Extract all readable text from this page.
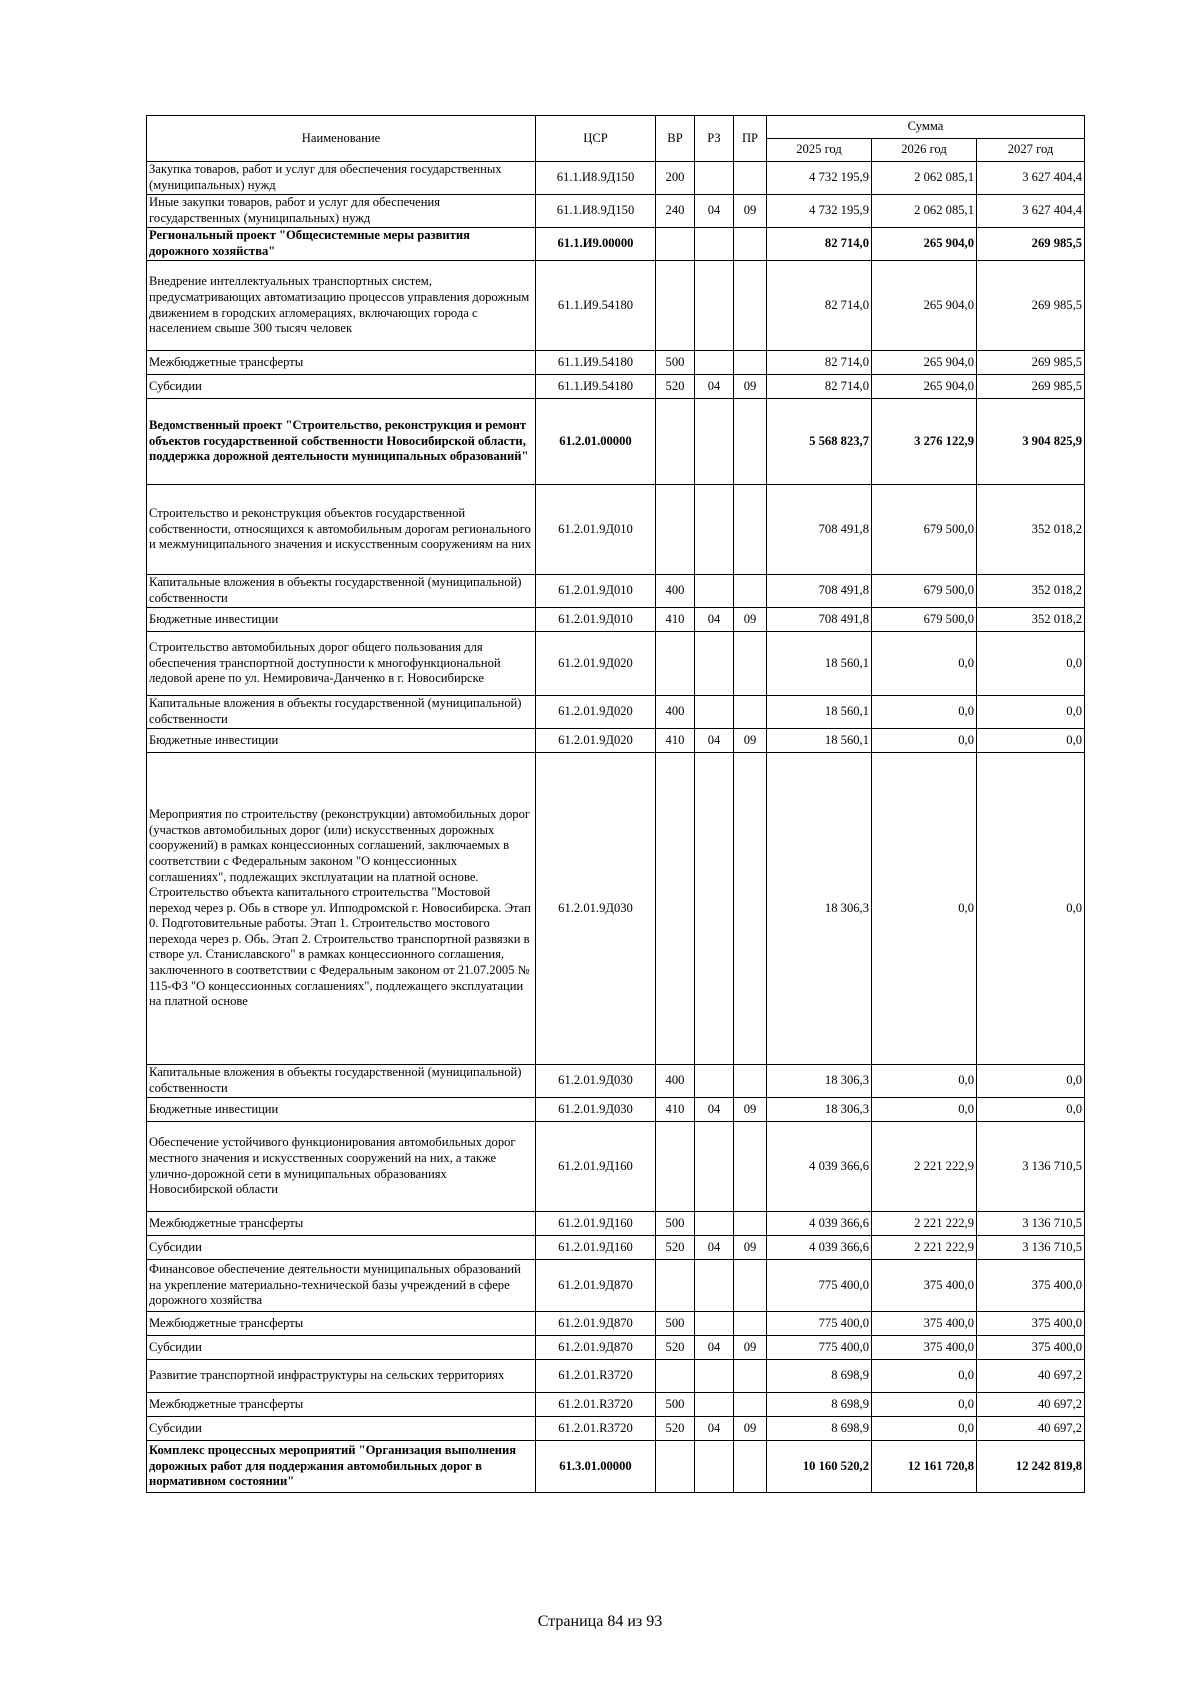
Наименование	ЦСР	ВР	РЗ	ПР	Сумма		
					2025 год	2026 год	2027 год
Закупка товаров, работ и услуг для обеспечения государственных (муниципальных) нужд	61.1.И8.9Д150	200			4 732 195,9	2 062 085,1	3 627 404,4
Иные закупки товаров, работ и услуг для обеспечения государственных (муниципальных) нужд	61.1.И8.9Д150	240	04	09	4 732 195,9	2 062 085,1	3 627 404,4
Региональный проект "Общесистемные меры развития дорожного хозяйства"	61.1.И9.00000				82 714,0	265 904,0	269 985,5
Внедрение интеллектуальных транспортных систем, предусматривающих автоматизацию процессов управления дорожным движением в городских агломерациях, включающих города с населением свыше 300 тысяч человек	61.1.И9.54180				82 714,0	265 904,0	269 985,5
Межбюджетные трансферты	61.1.И9.54180	500			82 714,0	265 904,0	269 985,5
Субсидии	61.1.И9.54180	520	04	09	82 714,0	265 904,0	269 985,5
Ведомственный проект "Строительство, реконструкция и ремонт объектов государственной собственности Новосибирской области, поддержка дорожной деятельности муниципальных образований"	61.2.01.00000				5 568 823,7	3 276 122,9	3 904 825,9
Строительство и реконструкция объектов государственной собственности, относящихся к автомобильным дорогам регионального и межмуниципального значения и искусственным сооружениям на них	61.2.01.9Д010				708 491,8	679 500,0	352 018,2
Капитальные вложения в объекты государственной (муниципальной) собственности	61.2.01.9Д010	400			708 491,8	679 500,0	352 018,2
Бюджетные инвестиции	61.2.01.9Д010	410	04	09	708 491,8	679 500,0	352 018,2
Строительство автомобильных дорог общего пользования для обеспечения транспортной доступности к многофункциональной ледовой арене по ул. Немировича-Данченко в г. Новосибирске	61.2.01.9Д020				18 560,1	0,0	0,0
Капитальные вложения в объекты государственной (муниципальной) собственности	61.2.01.9Д020	400			18 560,1	0,0	0,0
Бюджетные инвестиции	61.2.01.9Д020	410	04	09	18 560,1	0,0	0,0
Мероприятия по строительству (реконструкции) автомобильных дорог (участков автомобильных дорог (или) искусственных дорожных сооружений) в рамках концессионных соглашений, заключаемых в соответствии с Федеральным законом "О концессионных соглашениях", подлежащих эксплуатации на платной основе. Строительство объекта капитального строительства "Мостовой переход через р. Обь в створе ул. Ипподромской г. Новосибирска. Этап 0. Подготовительные работы. Этап 1. Строительство мостового перехода через р. Обь. Этап 2. Строительство транспортной развязки в створе ул. Станиславского" в рамках концессионного соглашения, заключенного в соответствии с Федеральным законом от 21.07.2005 № 115-ФЗ "О концессионных соглашениях", подлежащего эксплуатации на платной основе	61.2.01.9Д030				18 306,3	0,0	0,0
Капитальные вложения в объекты государственной (муниципальной) собственности	61.2.01.9Д030	400			18 306,3	0,0	0,0
Бюджетные инвестиции	61.2.01.9Д030	410	04	09	18 306,3	0,0	0,0
Обеспечение устойчивого функционирования автомобильных дорог местного значения и искусственных сооружений на них, а также улично-дорожной сети в муниципальных образованиях Новосибирской области	61.2.01.9Д160				4 039 366,6	2 221 222,9	3 136 710,5
Межбюджетные трансферты	61.2.01.9Д160	500			4 039 366,6	2 221 222,9	3 136 710,5
Субсидии	61.2.01.9Д160	520	04	09	4 039 366,6	2 221 222,9	3 136 710,5
Финансовое обеспечение деятельности муниципальных образований на укрепление материально-технической базы учреждений в сфере дорожного хозяйства	61.2.01.9Д870				775 400,0	375 400,0	375 400,0
Межбюджетные трансферты	61.2.01.9Д870	500			775 400,0	375 400,0	375 400,0
Субсидии	61.2.01.9Д870	520	04	09	775 400,0	375 400,0	375 400,0
Развитие транспортной инфраструктуры на сельских территориях	61.2.01.R3720				8 698,9	0,0	40 697,2
Межбюджетные трансферты	61.2.01.R3720	500			8 698,9	0,0	40 697,2
Субсидии	61.2.01.R3720	520	04	09	8 698,9	0,0	40 697,2
Комплекс процессных мероприятий "Организация выполнения дорожных работ для поддержания автомобильных дорог в нормативном состоянии"	61.3.01.00000				10 160 520,2	12 161 720,8	12 242 819,8
Страница 84 из 93
